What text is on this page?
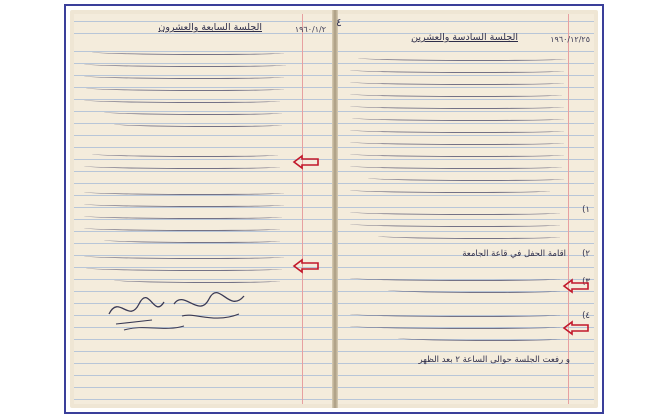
الجلسة السابعة والعشرون	١٩٦٠/١/٢
الجلسة السادسة والعشرين	١٩٦٠/١٢/٢٥
١)
٢)
اقامة الحفل في قاعة الجامعة
٣)
٤)
و رفعت الجلسة حوالى الساعة ٢ بعد الظهر
٤
